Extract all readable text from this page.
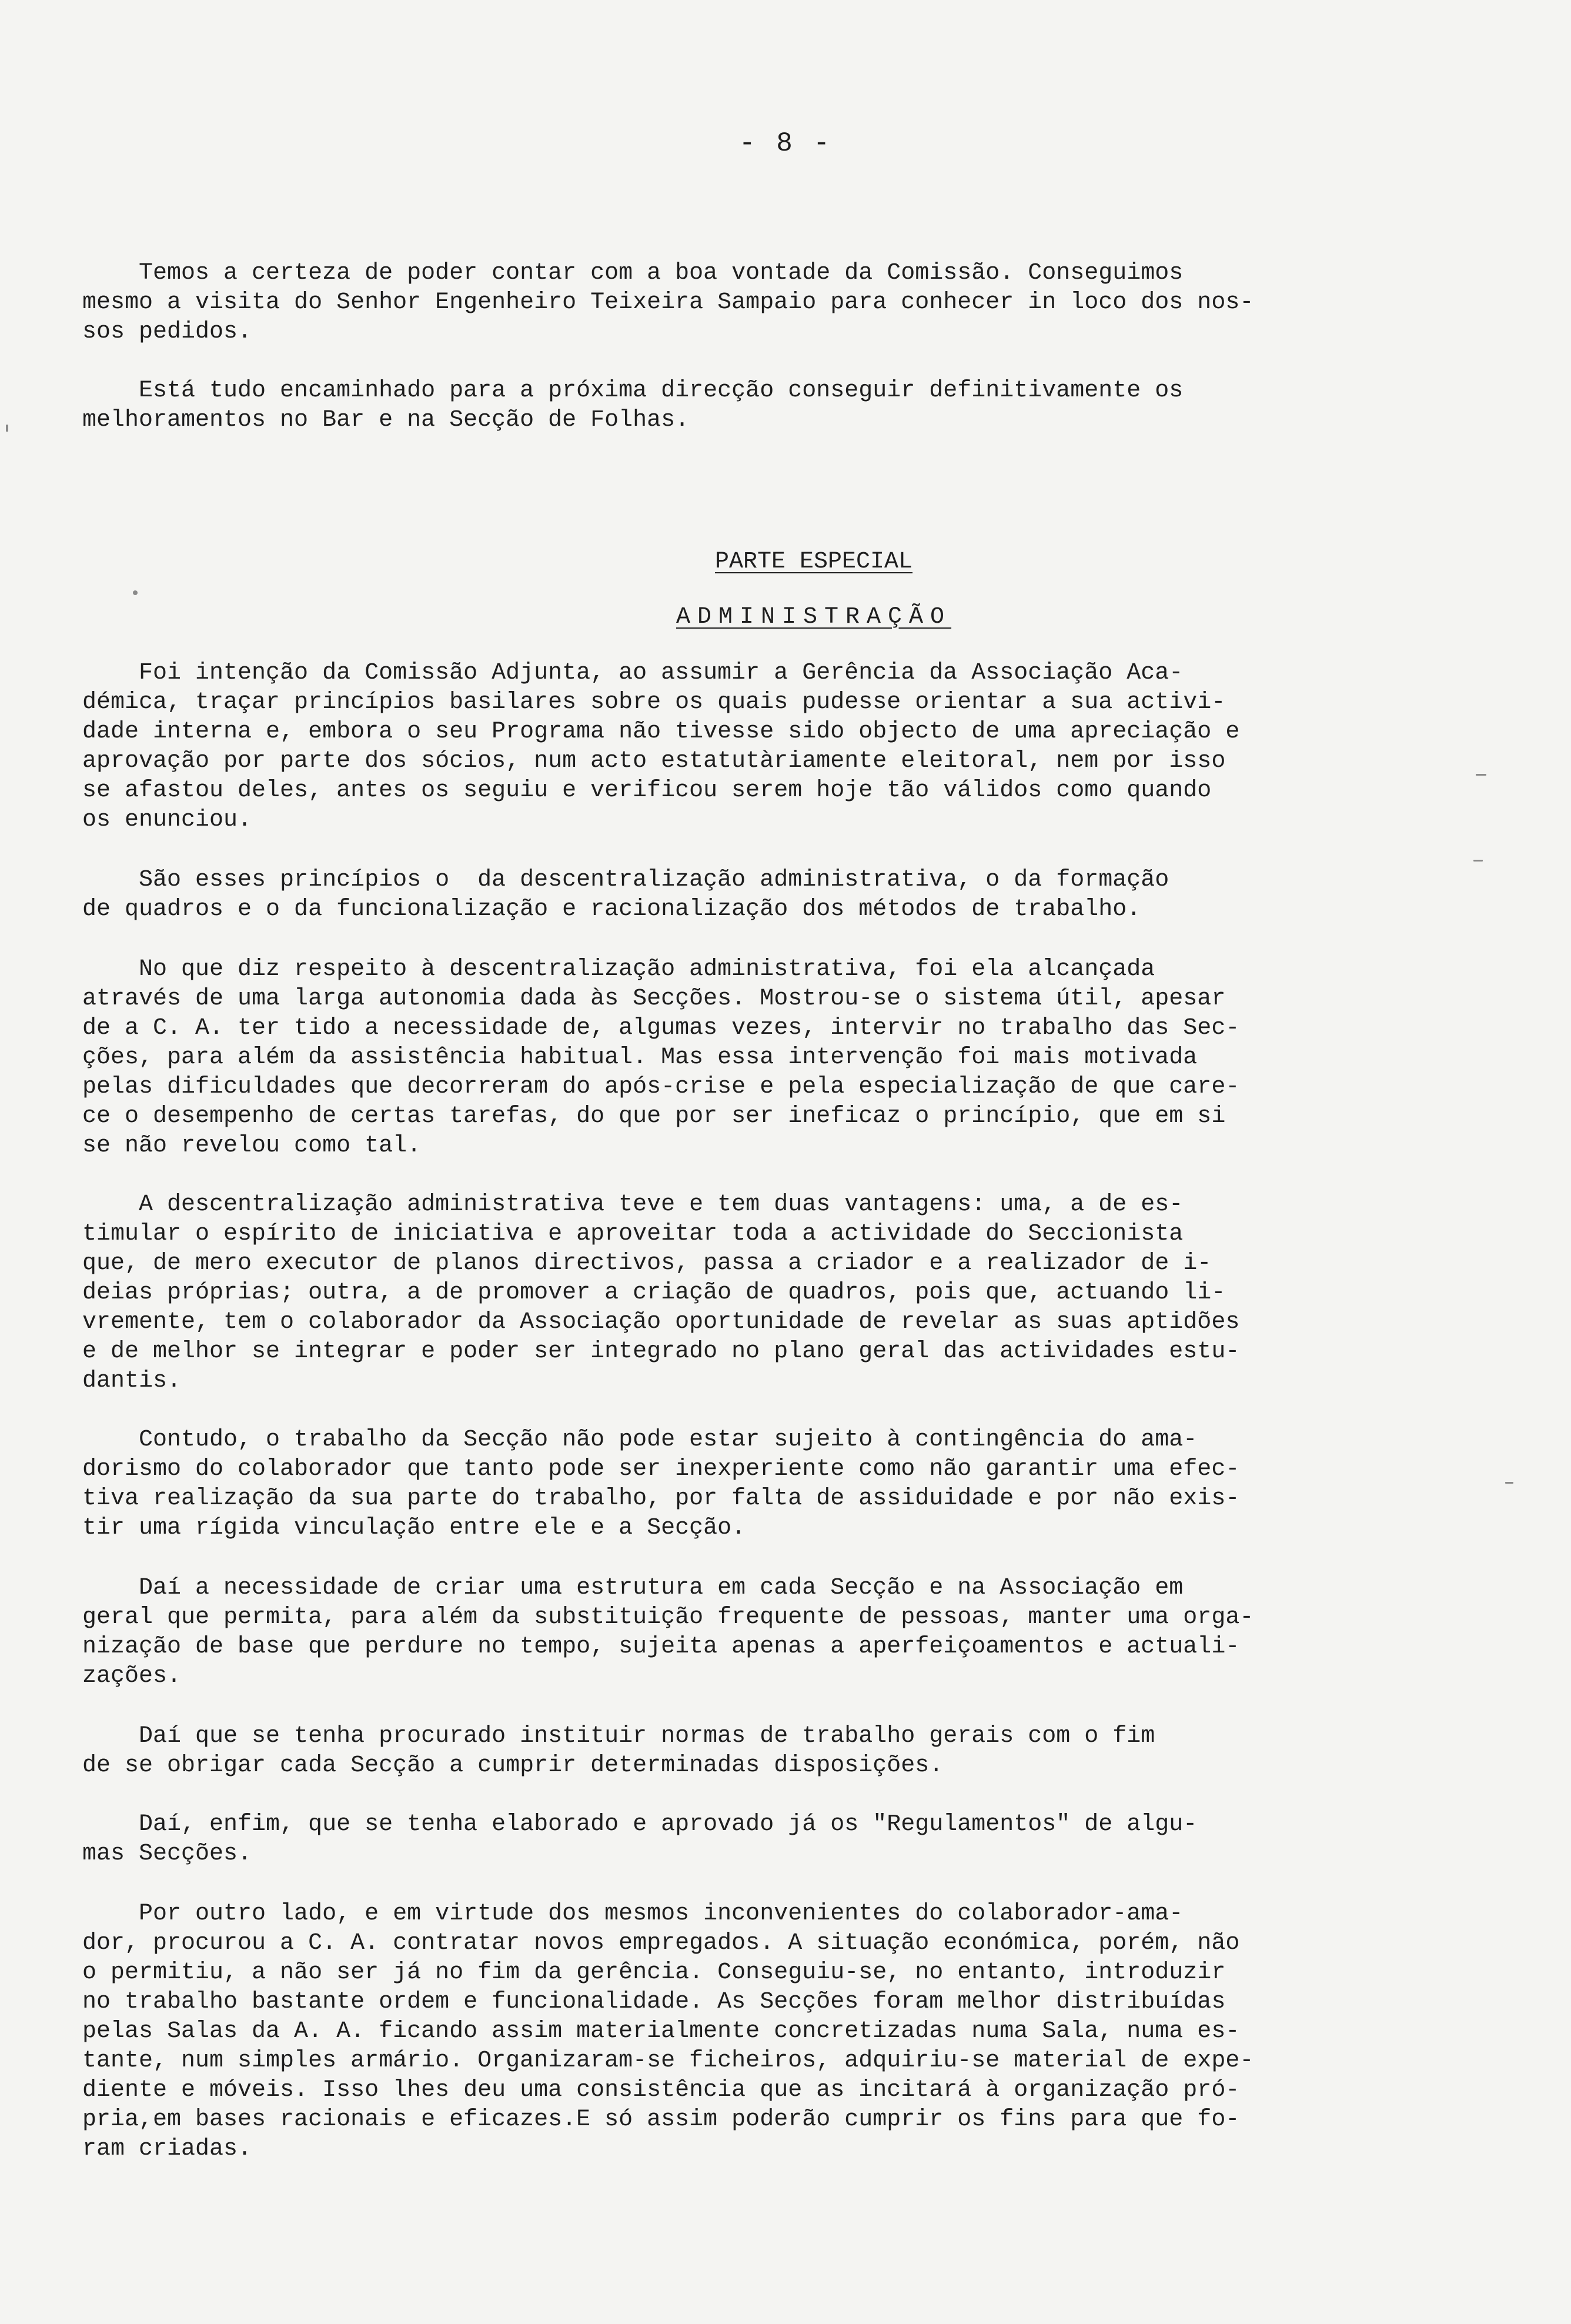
- 8 -
Temos a certeza de poder contar com a boa vontade da Comissão. Conseguimos
mesmo a visita do Senhor Engenheiro Teixeira Sampaio para conhecer in loco dos nos-
sos pedidos.
Está tudo encaminhado para a próxima direcção conseguir definitivamente os
melhoramentos no Bar e na Secção de Folhas.

PARTE ESPECIAL

ADMINISTRAÇÃO

Foi intenção da Comissão Adjunta, ao assumir a Gerência da Associação Aca-
démica, traçar princípios basilares sobre os quais pudesse orientar a sua activi-
dade interna e, embora o seu Programa não tivesse sido objecto de uma apreciação e
aprovação por parte dos sócios, num acto estatutàriamente eleitoral, nem por isso
se afastou deles, antes os seguiu e verificou serem hoje tão válidos como quando
os enunciou.
São esses princípios o  da descentralização administrativa, o da formação
de quadros e o da funcionalização e racionalização dos métodos de trabalho.
No que diz respeito à descentralização administrativa, foi ela alcançada
através de uma larga autonomia dada às Secções. Mostrou-se o sistema útil, apesar
de a C. A. ter tido a necessidade de, algumas vezes, intervir no trabalho das Sec-
ções, para além da assistência habitual. Mas essa intervenção foi mais motivada
pelas dificuldades que decorreram do após-crise e pela especialização de que care-
ce o desempenho de certas tarefas, do que por ser ineficaz o princípio, que em si
se não revelou como tal.
A descentralização administrativa teve e tem duas vantagens: uma, a de es-
timular o espírito de iniciativa e aproveitar toda a actividade do Seccionista
que, de mero executor de planos directivos, passa a criador e a realizador de i-
deias próprias; outra, a de promover a criação de quadros, pois que, actuando li-
vremente, tem o colaborador da Associação oportunidade de revelar as suas aptidões
e de melhor se integrar e poder ser integrado no plano geral das actividades estu-
dantis.
Contudo, o trabalho da Secção não pode estar sujeito à contingência do ama-
dorismo do colaborador que tanto pode ser inexperiente como não garantir uma efec-
tiva realização da sua parte do trabalho, por falta de assiduidade e por não exis-
tir uma rígida vinculação entre ele e a Secção.
Daí a necessidade de criar uma estrutura em cada Secção e na Associação em
geral que permita, para além da substituição frequente de pessoas, manter uma orga-
nização de base que perdure no tempo, sujeita apenas a aperfeiçoamentos e actuali-
zações.
Daí que se tenha procurado instituir normas de trabalho gerais com o fim
de se obrigar cada Secção a cumprir determinadas disposições.
Daí, enfim, que se tenha elaborado e aprovado já os "Regulamentos" de algu-
mas Secções.
Por outro lado, e em virtude dos mesmos inconvenientes do colaborador-ama-
dor, procurou a C. A. contratar novos empregados. A situação económica, porém, não
o permitiu, a não ser já no fim da gerência. Conseguiu-se, no entanto, introduzir
no trabalho bastante ordem e funcionalidade. As Secções foram melhor distribuídas
pelas Salas da A. A. ficando assim materialmente concretizadas numa Sala, numa es-
tante, num simples armário. Organizaram-se ficheiros, adquiriu-se material de expe-
diente e móveis. Isso lhes deu uma consistência que as incitará à organização pró-
pria,em bases racionais e eficazes.E só assim poderão cumprir os fins para que fo-
ram criadas.
